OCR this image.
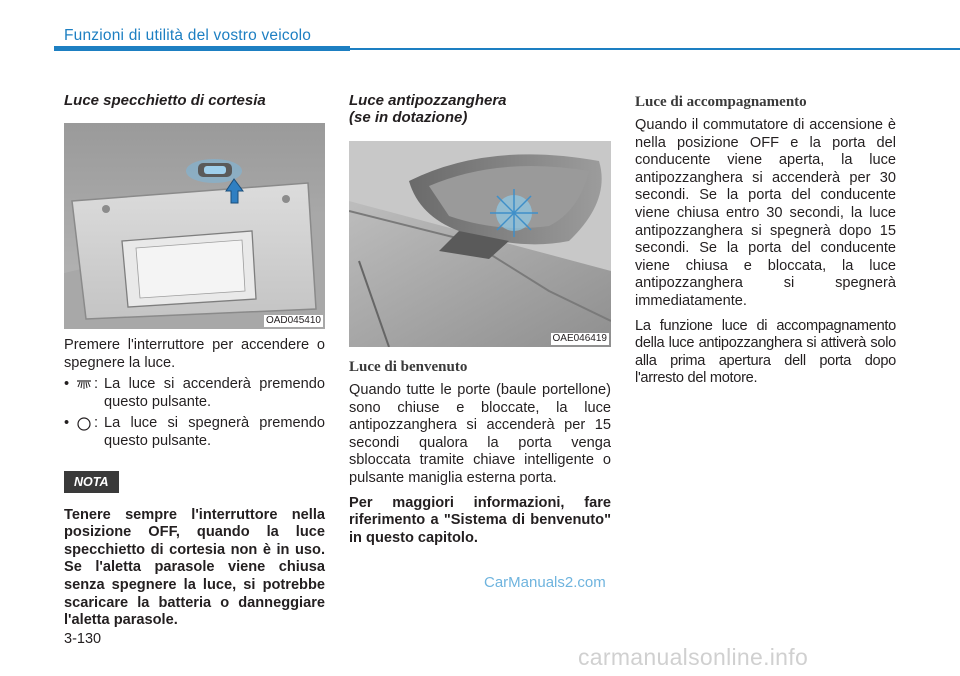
Funzioni di utilità del vostro veicolo
Luce specchietto di cortesia
OAD045410

Premere l'interruttore per accendere o spegnere la luce.

•	: La luce si accenderà premendo questo pulsante.
•	: La luce si spegnerà premendo questo pulsante.
NOTA

Tenere sempre l'interruttore nella posizione OFF, quando la luce specchietto di cortesia non è in uso. Se l'aletta parasole viene chiusa senza spegnere la luce, si potrebbe scaricare la batteria o danneggiare l'aletta parasole.

Luce antipozzanghera
(se in dotazione)
OAE046419
Luce di benvenuto

Quando tutte le porte (baule portellone) sono chiuse e bloccate, la luce antipozzanghera si accenderà per 15 secondi qualora la porta venga sbloccata tramite chiave intelligente o pulsante maniglia esterna porta.

Per maggiori informazioni, fare riferimento a "Sistema di benvenuto" in questo capitolo.

Luce di accompagnamento

Quando il commutatore di accensione è nella posizione OFF e la porta del conducente viene aperta, la luce antipozzanghera si accenderà per 30 secondi. Se la porta del conducente viene chiusa entro 30 secondi, la luce antipozzanghera si spegnerà dopo 15 secondi. Se la porta del conducente viene chiusa e bloccata, la luce antipozzanghera si spegnerà immediatamente.

La funzione luce di accompagnamento della luce antipozzanghera si attiverà solo alla prima apertura dell porta dopo l'arresto del motore.

CarManuals2.com
3-130
carmanualsonline.info
